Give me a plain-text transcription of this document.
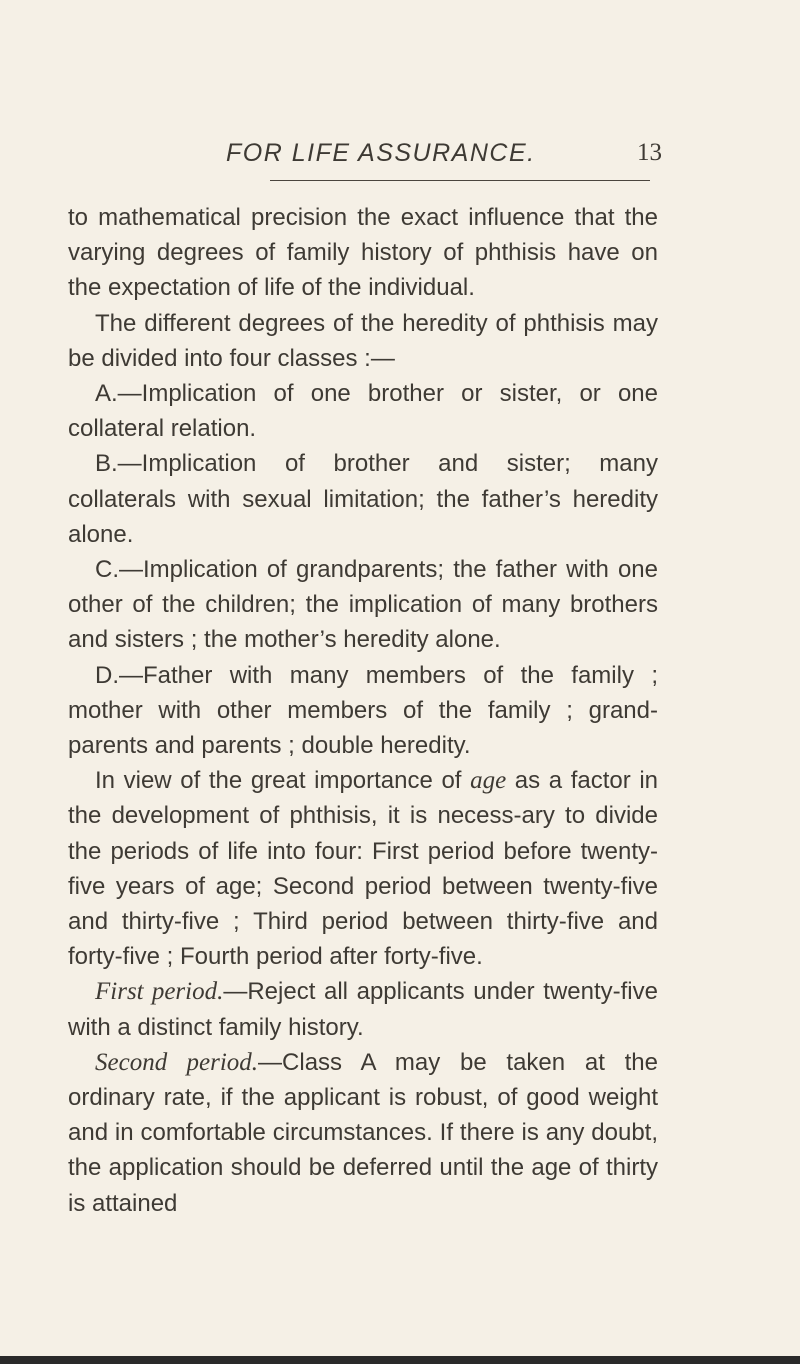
FOR LIFE ASSURANCE.	13

to mathematical precision the exact influence that the varying degrees of family history of phthisis have on the expectation of life of the individual.

The different degrees of the heredity of phthisis may be divided into four classes :—

A.—Implication of one brother or sister, or one collateral relation.

B.—Implication of brother and sister; many collaterals with sexual limitation; the father’s heredity alone.

C.—Implication of grandparents; the father with one other of the children; the implication of many brothers and sisters ; the mother’s heredity alone.

D.—Father with many members of the family ; mother with other members of the family ; grand-parents and parents ; double heredity.

In view of the great importance of age as a factor in the development of phthisis, it is necess-ary to divide the periods of life into four: First period before twenty-five years of age; Second period between twenty-five and thirty-five ; Third period between thirty-five and forty-five ; Fourth period after forty-five.

First period.—Reject all applicants under twenty-five with a distinct family history.

Second period.—Class A may be taken at the ordinary rate, if the applicant is robust, of good weight and in comfortable circumstances. If there is any doubt, the application should be deferred until the age of thirty is attained
